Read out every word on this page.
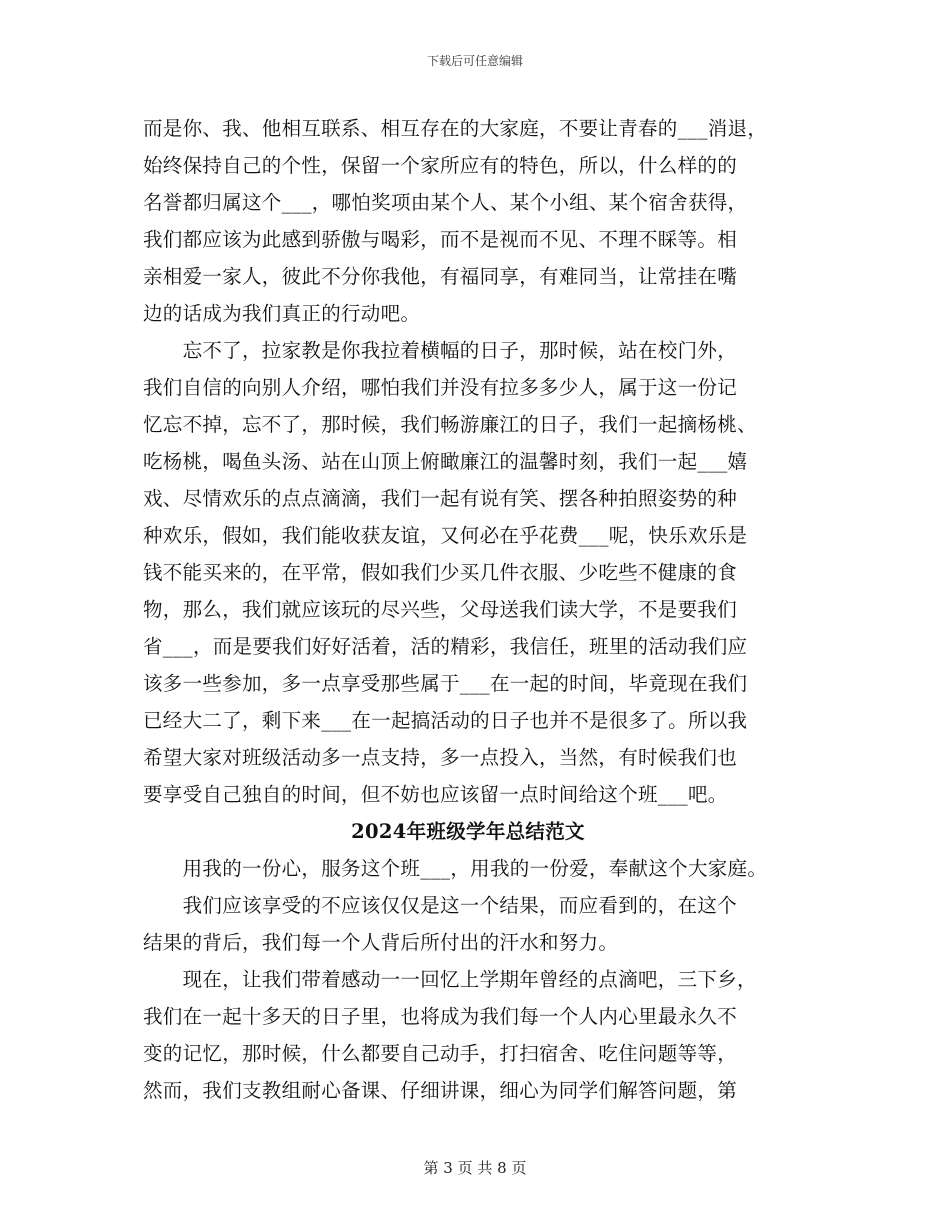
下载后可任意编辑
而是你、我、他相互联系、相互存在的大家庭，不要让青春的___消退，
始终保持自己的个性，保留一个家所应有的特色，所以，什么样的的
名誉都归属这个___，哪怕奖项由某个人、某个小组、某个宿舍获得，
我们都应该为此感到骄傲与喝彩，而不是视而不见、不理不睬等。相
亲相爱一家人，彼此不分你我他，有福同享，有难同当，让常挂在嘴
边的话成为我们真正的行动吧。
　　忘不了，拉家教是你我拉着横幅的日子，那时候，站在校门外，
我们自信的向别人介绍，哪怕我们并没有拉多多少人，属于这一份记
忆忘不掉，忘不了，那时候，我们畅游廉江的日子，我们一起摘杨桃、
吃杨桃，喝鱼头汤、站在山顶上俯瞰廉江的温馨时刻，我们一起___嬉
戏、尽情欢乐的点点滴滴，我们一起有说有笑、摆各种拍照姿势的种
种欢乐，假如，我们能收获友谊，又何必在乎花费___呢，快乐欢乐是
钱不能买来的，在平常，假如我们少买几件衣服、少吃些不健康的食
物，那么，我们就应该玩的尽兴些，父母送我们读大学，不是要我们
省___，而是要我们好好活着，活的精彩，我信任，班里的活动我们应
该多一些参加，多一点享受那些属于___在一起的时间，毕竟现在我们
已经大二了，剩下来___在一起搞活动的日子也并不是很多了。所以我
希望大家对班级活动多一点支持，多一点投入，当然，有时候我们也
要享受自己独自的时间，但不妨也应该留一点时间给这个班___吧。
2024年班级学年总结范文
　　用我的一份心，服务这个班___，用我的一份爱，奉献这个大家庭。
　　我们应该享受的不应该仅仅是这一个结果，而应看到的，在这个
结果的背后，我们每一个人背后所付出的汗水和努力。
　　现在，让我们带着感动一一回忆上学期年曾经的点滴吧，三下乡，
我们在一起十多天的日子里，也将成为我们每一个人内心里最永久不
变的记忆，那时候，什么都要自己动手，打扫宿舍、吃住问题等等，
然而，我们支教组耐心备课、仔细讲课，细心为同学们解答问题，第
第 3 页 共 8 页
